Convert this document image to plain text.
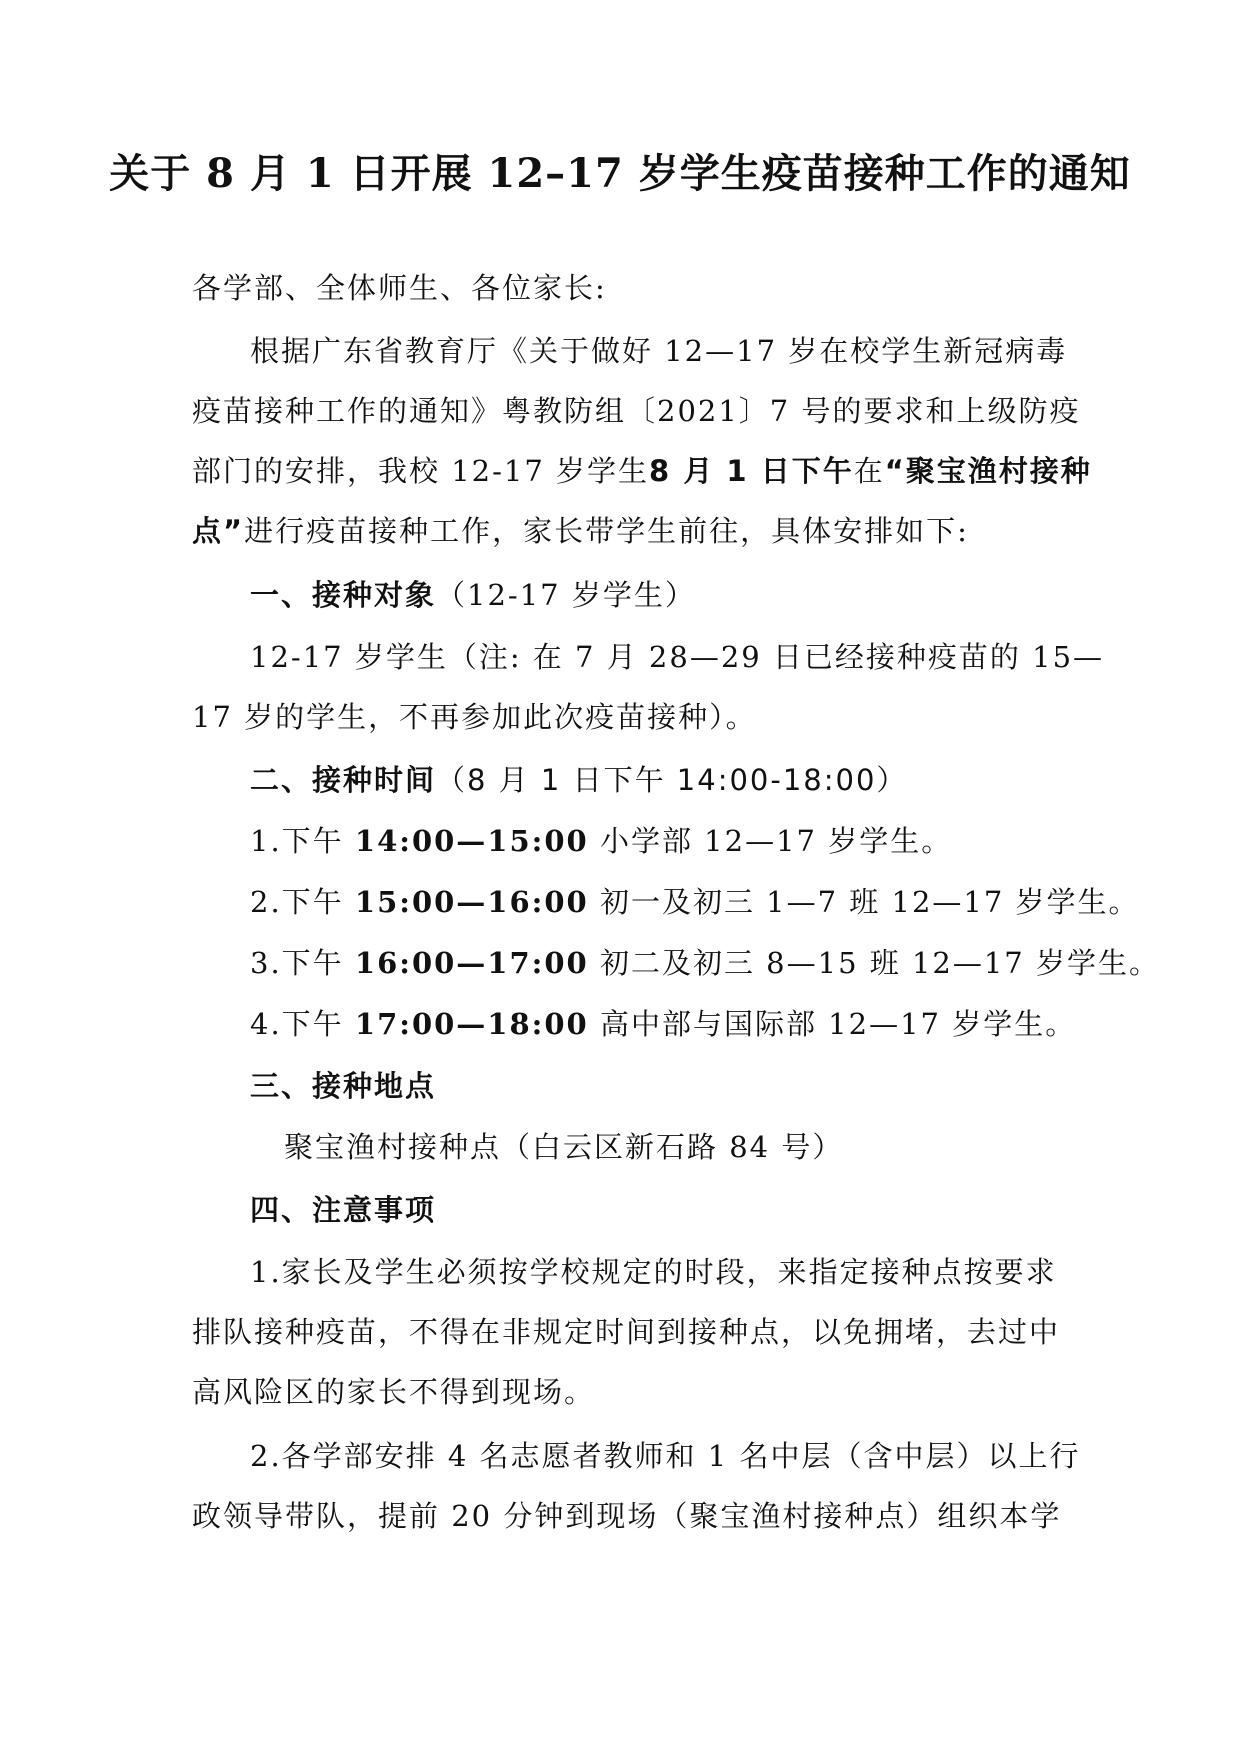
关于 8 月 1 日开展 12–17 岁学生疫苗接种工作的通知
各学部、全体师生、各位家长:
根据广东省教育厅《关于做好 12—17 岁在校学生新冠病毒
疫苗接种工作的通知》粤教防组〔2021〕7 号的要求和上级防疫
部门的安排，我校 12-17 岁学生8 月 1 日下午在“聚宝渔村接种
点”进行疫苗接种工作，家长带学生前往，具体安排如下:
一、接种对象（12-17 岁学生）
12-17 岁学生（注: 在 7 月 28—29 日已经接种疫苗的 15—
17 岁的学生，不再参加此次疫苗接种）。
二、接种时间（8 月 1 日下午 14:00-18:00）
1.下午 14:00—15:00 小学部 12—17 岁学生。
2.下午 15:00—16:00 初一及初三 1—7 班 12—17 岁学生。
3.下午 16:00—17:00 初二及初三 8—15 班 12—17 岁学生。
4.下午 17:00—18:00 高中部与国际部 12—17 岁学生。
三、接种地点
聚宝渔村接种点（白云区新石路 84 号）
四、注意事项
1.家长及学生必须按学校规定的时段，来指定接种点按要求
排队接种疫苗，不得在非规定时间到接种点，以免拥堵，去过中
高风险区的家长不得到现场。
2.各学部安排 4 名志愿者教师和 1 名中层（含中层）以上行
政领导带队，提前 20 分钟到现场（聚宝渔村接种点）组织本学
